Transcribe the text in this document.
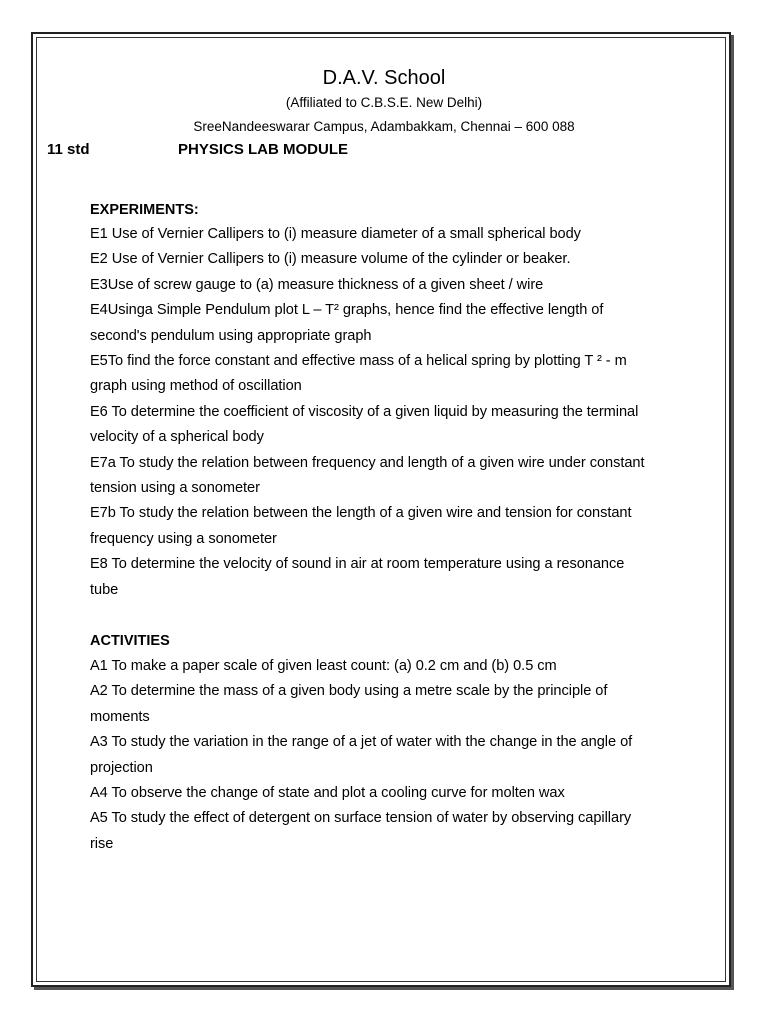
D.A.V. School
(Affiliated to C.B.S.E. New Delhi)
SreeNandeeswarar Campus, Adambakkam, Chennai – 600 088
11 std	PHYSICS LAB MODULE
EXPERIMENTS:
E1 Use of Vernier Callipers to (i) measure diameter of a small spherical body
E2 Use of Vernier Callipers to (i) measure volume of the cylinder or beaker.
E3Use of screw gauge to (a) measure thickness of a given sheet / wire
E4Usinga Simple Pendulum plot L – T² graphs, hence find the effective length of
second's pendulum using appropriate graph
E5To find the force constant and effective mass of a helical spring by plotting T ² - m
graph using method of oscillation
E6 To determine the coefficient of viscosity of a given liquid by measuring the terminal
velocity of a spherical body
E7a To study the relation between frequency and length of a given wire under constant
tension using a sonometer
E7b To study the relation between the length of a given wire and tension for constant
frequency using a sonometer
E8 To determine the velocity of sound in air at room temperature using a resonance
tube
ACTIVITIES
A1 To make a paper scale of given least count: (a) 0.2 cm and (b) 0.5 cm
A2 To determine the mass of a given body using a metre scale by the principle of
moments
A3 To study the variation in the range of a jet of water with the change in the angle of
projection
A4 To observe the change of state and plot a cooling curve for molten wax
A5 To study the effect of detergent on surface tension of water by observing capillary
rise
